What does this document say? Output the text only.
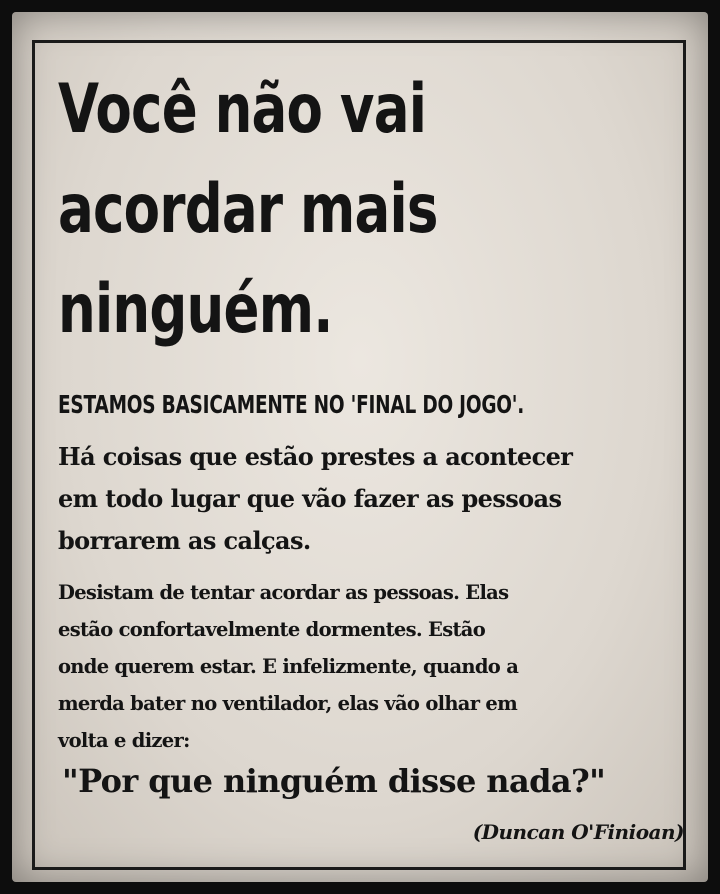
Você não vai
acordar mais
ninguém.
ESTAMOS BASICAMENTE NO 'FINAL DO JOGO'.
Há coisas que estão prestes a acontecer
em todo lugar que vão fazer as pessoas
borrarem as calças.
Desistam de tentar acordar as pessoas. Elas
estão confortavelmente dormentes. Estão
onde querem estar. E infelizmente, quando a
merda bater no ventilador, elas vão olhar em
volta e dizer:
"Por que ninguém disse nada?"
(Duncan O'Finioan)
